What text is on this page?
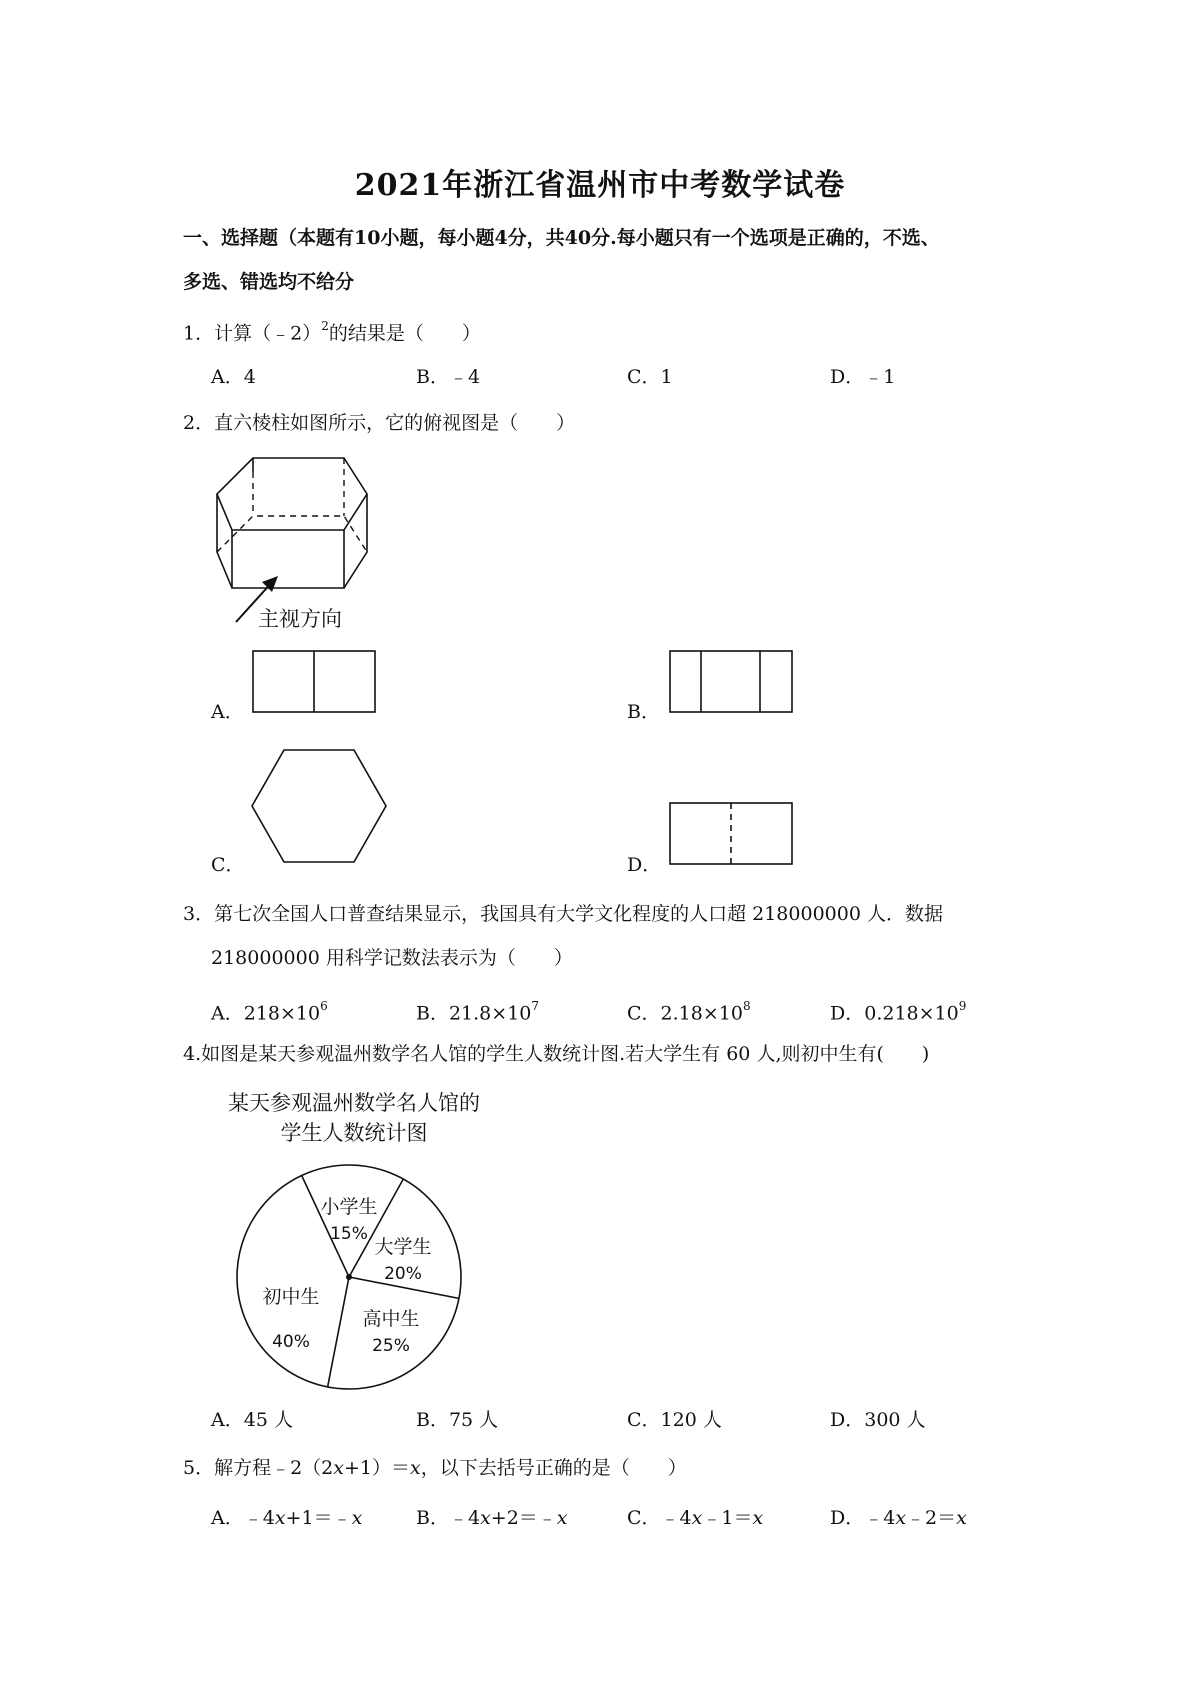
2021年浙江省温州市中考数学试卷
一、选择题（本题有10小题，每小题4分，共40分.每小题只有一个选项是正确的，不选、
多选、错选均不给分
1．计算（﹣2）$^2$的结果是（　　）
A．4	B．﹣4	C．1	D．﹣1
2．直六棱柱如图所示，它的俯视图是（　　）
主视方向
A．	B．
C．	D．
3．第七次全国人口普查结果显示，我国具有大学文化程度的人口超 218000000 人．数据
218000000 用科学记数法表示为（　　）
A．$218\times 10^6$	B．$21.8\times 10^7$	C．$2.18\times 10^8$	D．$0.218\times 10^9$
4.如图是某天参观温州数学名人馆的学生人数统计图.若大学生有 60 人,则初中生有(　　)
某天参观温州数学名人馆的
学生人数统计图
小学生
15%
大学生
20%
高中生
25%
初中生
40%
A．45 人	B．75 人	C．120 人	D．300 人
5．解方程﹣2（2x+1）＝x，以下去括号正确的是（　　）
A．﹣4x+1＝﹣x	B．﹣4x+2＝﹣x	C．﹣4x﹣1＝x	D．﹣4x﹣2＝x
